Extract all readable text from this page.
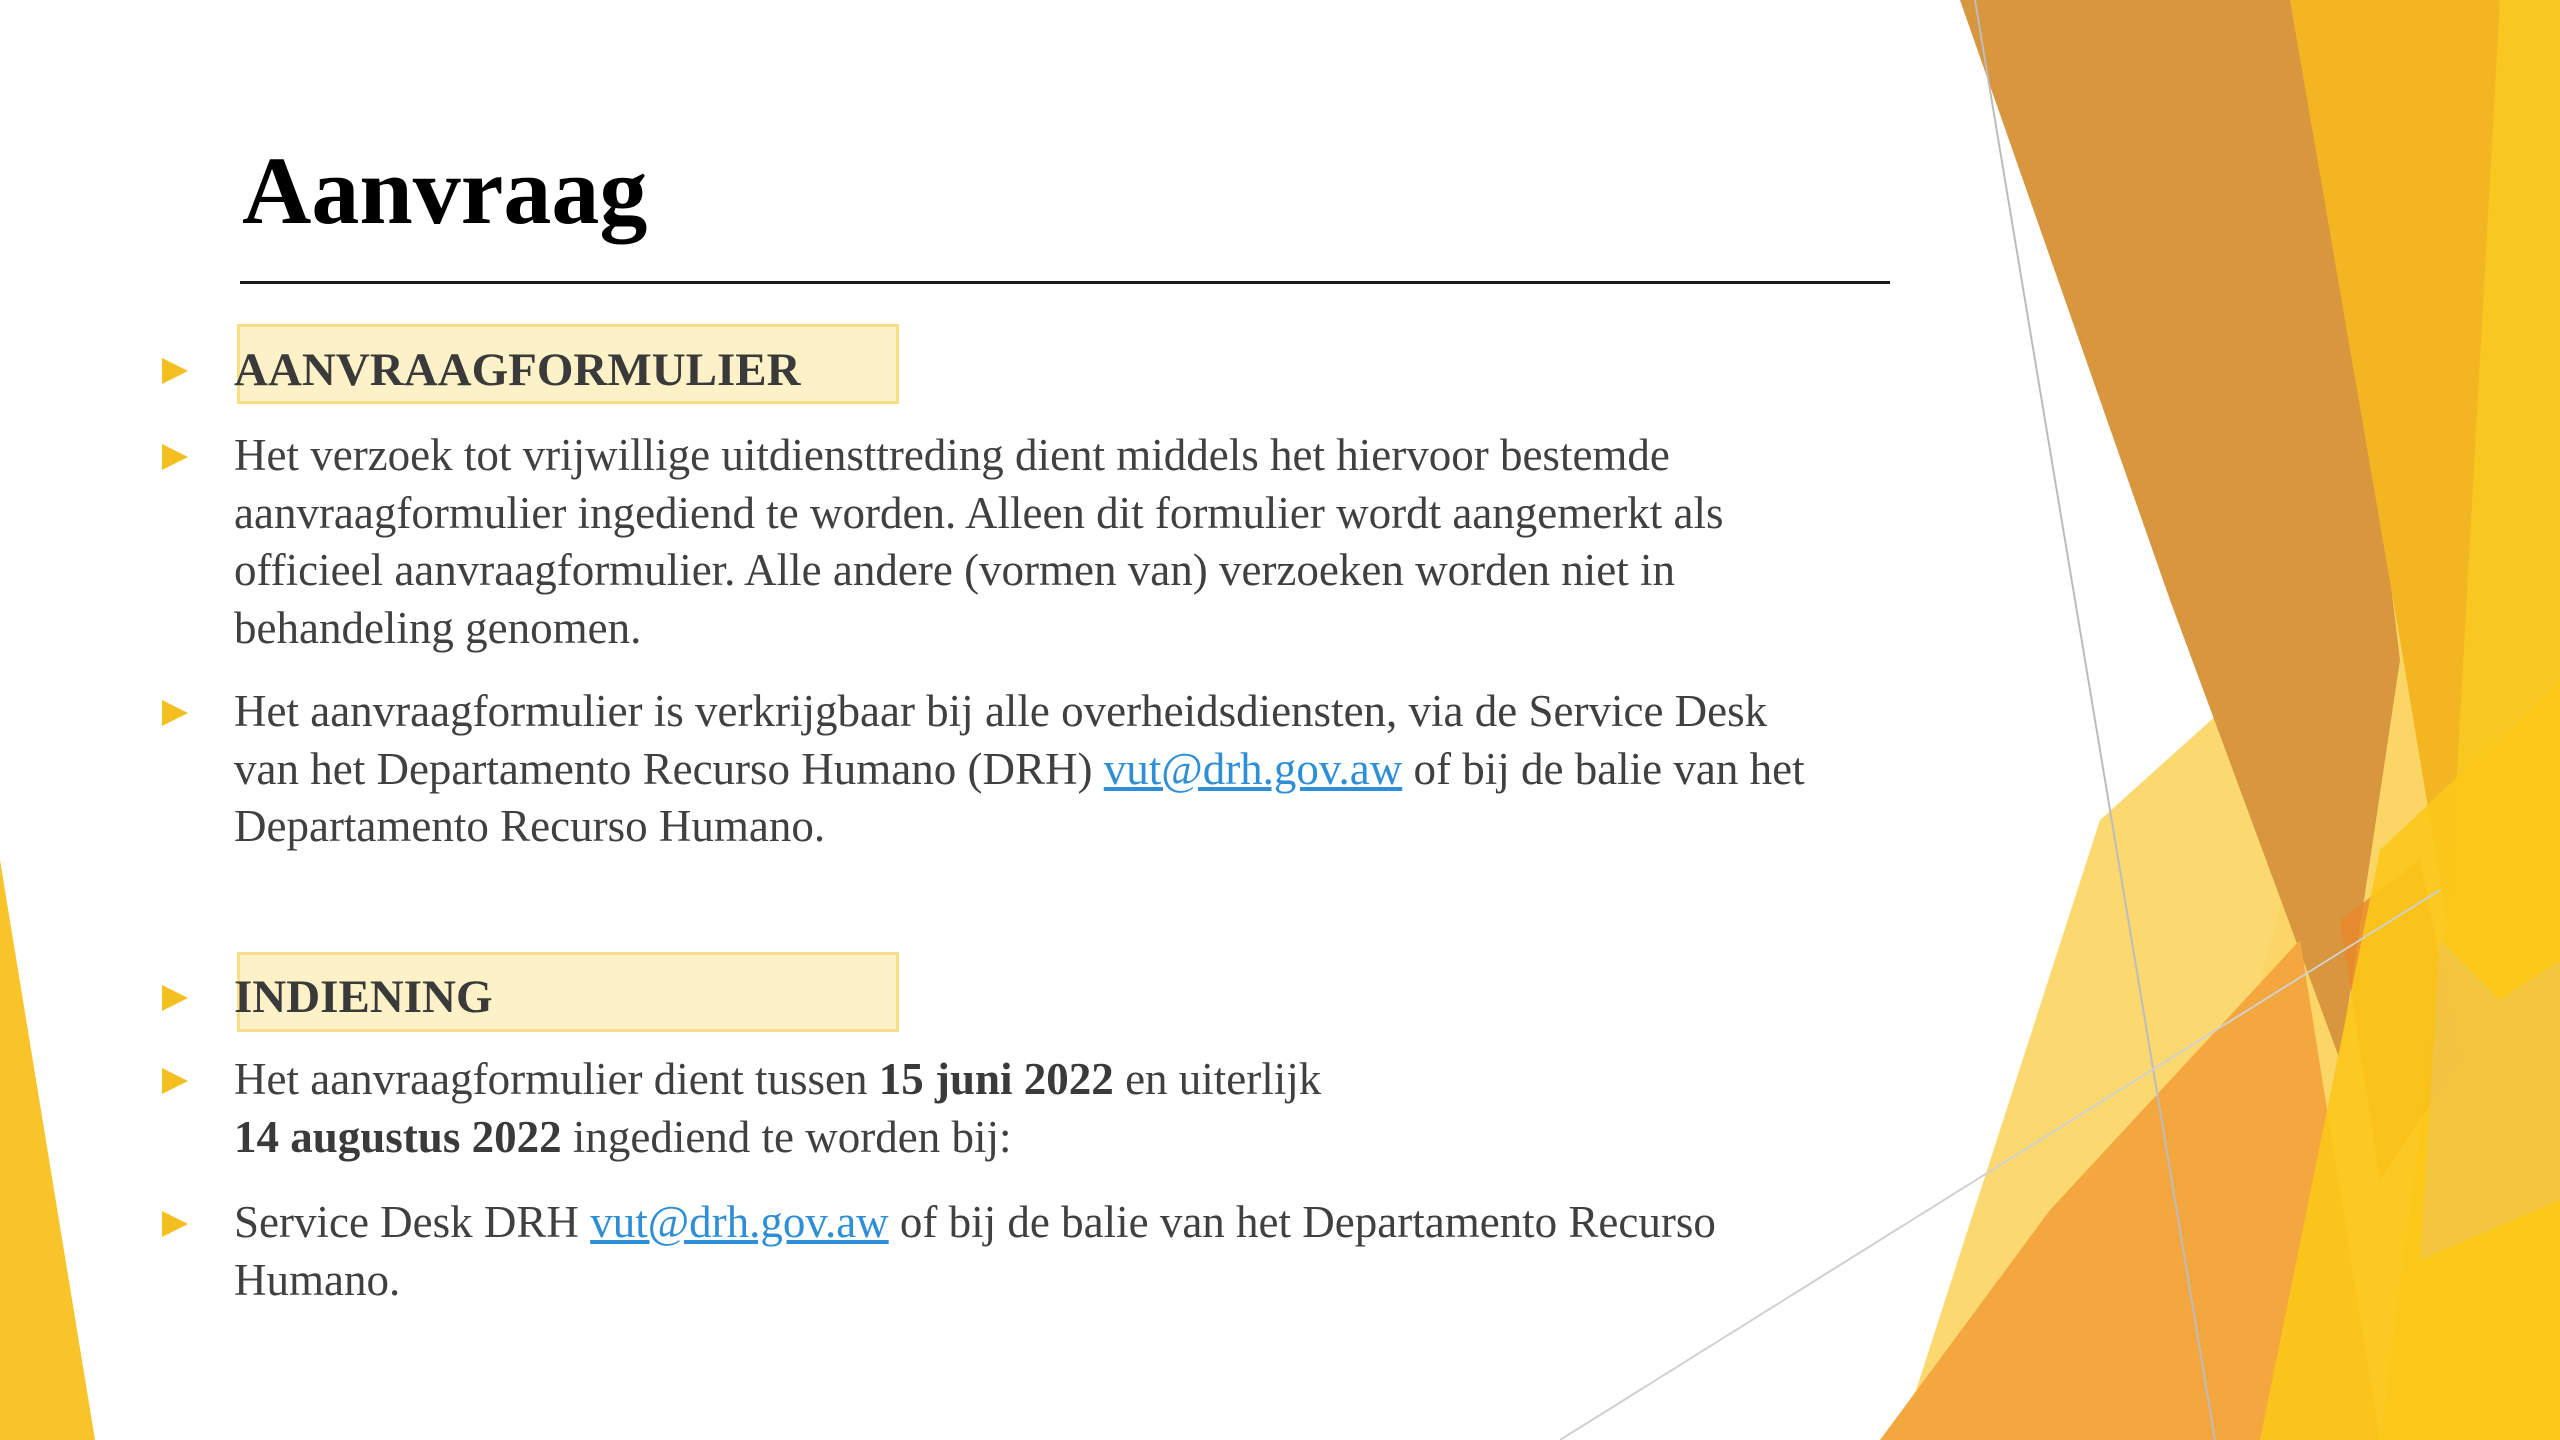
Aanvraag

AANVRAAGFORMULIER

Het verzoek tot vrijwillige uitdiensttreding dient middels het hiervoor bestemde aanvraagformulier ingediend te worden. Alleen dit formulier wordt aangemerkt als officieel aanvraagformulier. Alle andere (vormen van) verzoeken worden niet in behandeling genomen.

Het aanvraagformulier is verkrijgbaar bij alle overheidsdiensten, via de Service Desk van het Departamento Recurso Humano (DRH) vut@drh.gov.aw of bij de balie van het Departamento Recurso Humano.

INDIENING

Het aanvraagformulier dient tussen 15 juni 2022 en uiterlijk
14 augustus 2022 ingediend te worden bij:

Service Desk DRH vut@drh.gov.aw of bij de balie van het Departamento Recurso Humano.
